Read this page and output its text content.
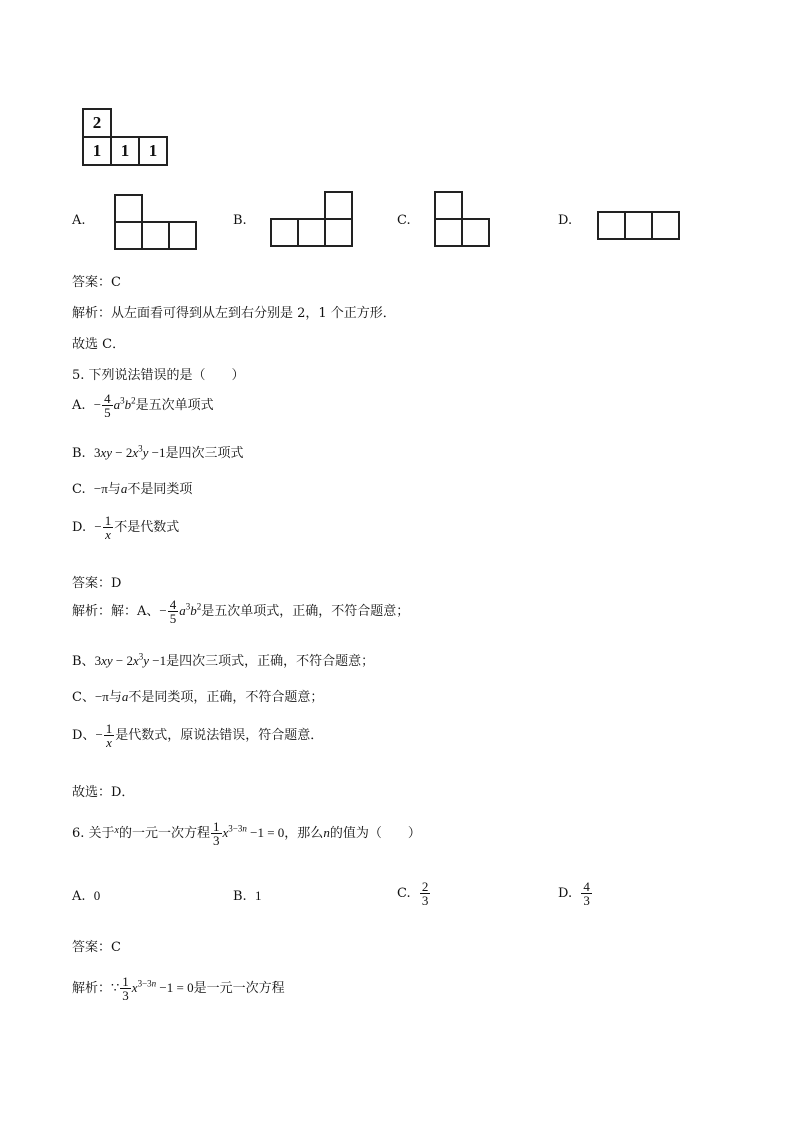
2
1	1	1
A.	B.	C.	D.
答案：C
解析：从左面看可得到从左到右分别是 2，1 个正方形．
故选 C．
5. 下列说法错误的是（　　）
A. − $\frac{4}{5} a^3b^2$是五次单项式
B. $3xy - 2x^3y -1$是四次三项式
C. −π与a不是同类项
D. − $\frac{1}{x}$ 不是代数式
答案：D
解析：解：A、− $\frac{4}{5} a^3b^2$是五次单项式，正确，不符合题意；
B、$3xy - 2x^3y -1$是四次三项式，正确，不符合题意；
C、−π与a不是同类项，正确，不符合题意；
D、− $\frac{1}{x}$ 是代数式，原说法错误，符合题意．
故选：D．
6. 关于$^x$的一元一次方程 $\frac{1}{3} x^{3-3n} -1 = 0$，那么n的值为（　　）
A. 0	B. 1	C. $\frac{2}{3}$	D. $\frac{4}{3}$
答案：C
解析：∵ $\frac{1}{3} x^{3-3n} -1 = 0$是一元一次方程
